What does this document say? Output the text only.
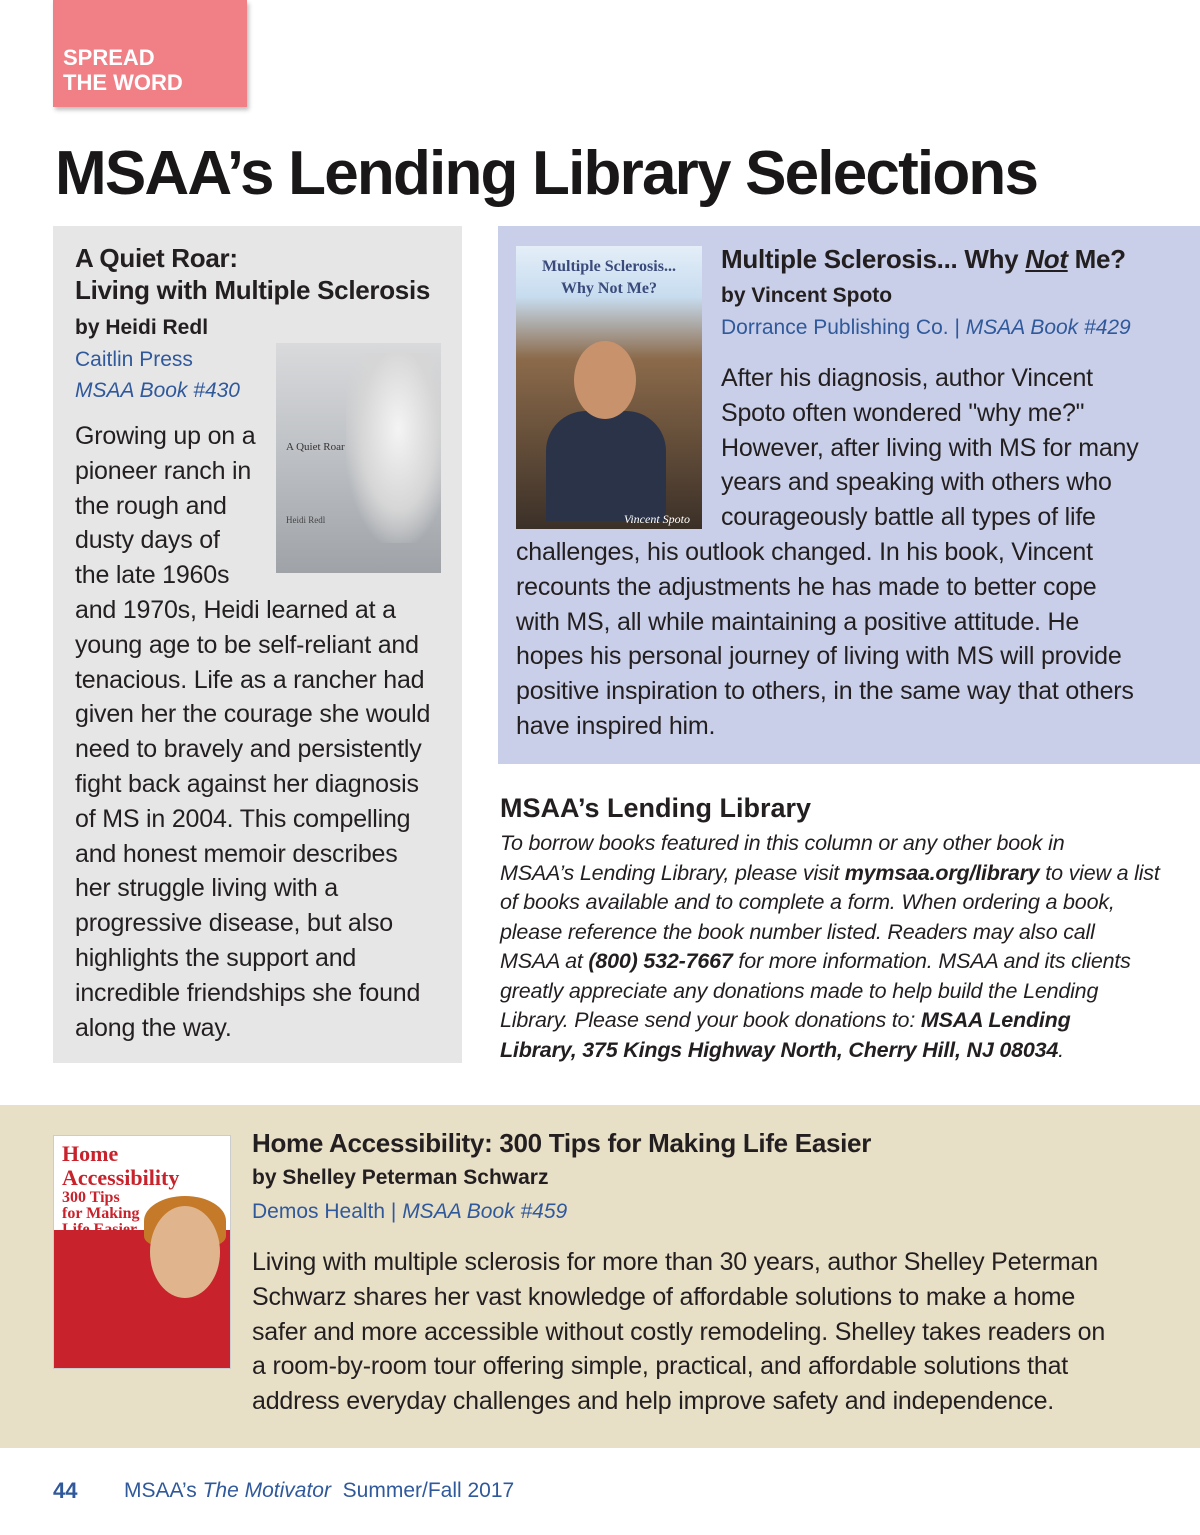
SPREAD
THE WORD
MSAA’s Lending Library Selections
A Quiet Roar:
Living with Multiple Sclerosis
by Heidi Redl
Caitlin Press
MSAA Book #430
A Quiet Roar
Heidi Redl
Growing up on a
pioneer ranch in
the rough and
dusty days of
the late 1960s
and 1970s, Heidi learned at a
young age to be self-reliant and
tenacious. Life as a rancher had
given her the courage she would
need to bravely and persistently
fight back against her diagnosis
of MS in 2004. This compelling
and honest memoir describes
her struggle living with a
progressive disease, but also
highlights the support and
incredible friendships she found
along the way.
Multiple Sclerosis...
Why Not Me?
Vincent Spoto
Multiple Sclerosis... Why Not Me?
by Vincent Spoto
Dorrance Publishing Co. | MSAA Book #429
After his diagnosis, author Vincent
Spoto often wondered "why me?"
However, after living with MS for many
years and speaking with others who
courageously battle all types of life
challenges, his outlook changed. In his book, Vincent
recounts the adjustments he has made to better cope
with MS, all while maintaining a positive attitude. He
hopes his personal journey of living with MS will provide
positive inspiration to others, in the same way that others
have inspired him.
MSAA’s Lending Library
To borrow books featured in this column or any other book in
MSAA’s Lending Library, please visit mymsaa.org/library to view a list
of books available and to complete a form. When ordering a book,
please reference the book number listed. Readers may also call
MSAA at (800) 532-7667 for more information. MSAA and its clients
greatly appreciate any donations made to help build the Lending
Library. Please send your book donations to: MSAA Lending
Library, 375 Kings Highway North, Cherry Hill, NJ 08034.
Home
Accessibility
300 Tips
for Making
Life Easier
Home Accessibility: 300 Tips for Making Life Easier
by Shelley Peterman Schwarz
Demos Health | MSAA Book #459
Living with multiple sclerosis for more than 30 years, author Shelley Peterman
Schwarz shares her vast knowledge of affordable solutions to make a home
safer and more accessible without costly remodeling. Shelley takes readers on
a room-by-room tour offering simple, practical, and affordable solutions that
address everyday challenges and help improve safety and independence.
44 MSAA’s The Motivator Summer/Fall 2017
